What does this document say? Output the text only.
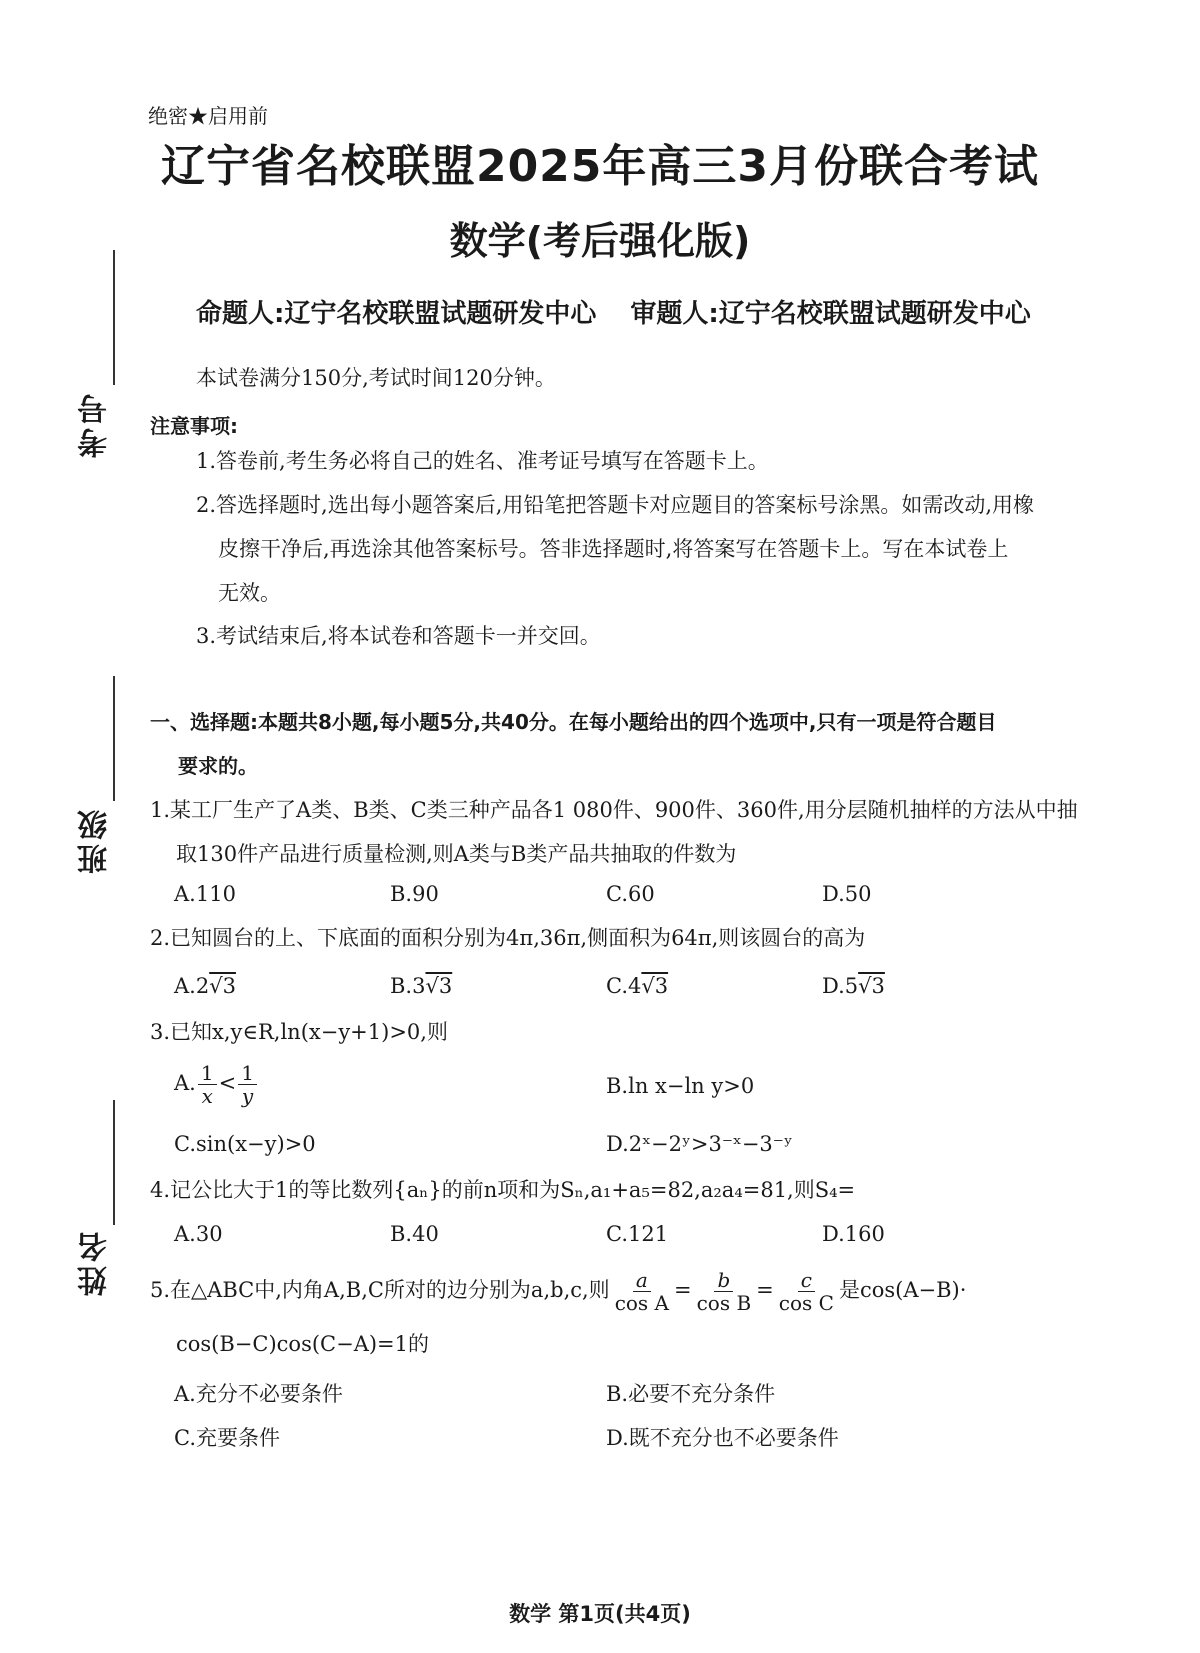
考号
班级
姓名
绝密★启用前
辽宁省名校联盟2025年高三3月份联合考试
数学(考后强化版)
命题人:辽宁名校联盟试题研发中心 审题人:辽宁名校联盟试题研发中心
本试卷满分150分,考试时间120分钟。
注意事项:
1.答卷前,考生务必将自己的姓名、准考证号填写在答题卡上。
2.答选择题时,选出每小题答案后,用铅笔把答题卡对应题目的答案标号涂黑。如需改动,用橡
皮擦干净后,再选涂其他答案标号。答非选择题时,将答案写在答题卡上。写在本试卷上
无效。
3.考试结束后,将本试卷和答题卡一并交回。
一、选择题:本题共8小题,每小题5分,共40分。在每小题给出的四个选项中,只有一项是符合题目
要求的。
1.某工厂生产了A类、B类、C类三种产品各1 080件、900件、360件,用分层随机抽样的方法从中抽
取130件产品进行质量检测,则A类与B类产品共抽取的件数为
A.110	B.90	C.60	D.50
2.已知圆台的上、下底面的面积分别为4π,36π,侧面积为64π,则该圆台的高为
A.2√3	B.3√3	C.4√3	D.5√3
3.已知x,y∈R,ln(x−y+1)>0,则
A. $\frac{1}{x} < \frac{1}{y}$	B.ln x−ln y>0
C.sin(x−y)>0	D.2ˣ−2ʸ>3⁻ˣ−3⁻ʸ
4.记公比大于1的等比数列{aₙ}的前n项和为Sₙ,a₁+a₅=82,a₂a₄=81,则S₄=
A.30	B.40	C.121	D.160
5.在△ABC中,内角A,B,C所对的边分别为a,b,c,则 $\frac{a}{\text{cos A}} = \frac{b}{\text{cos B}} = \frac{c}{\text{cos C}}$ 是cos(A−B)·
cos(B−C)cos(C−A)=1的
A.充分不必要条件	B.必要不充分条件
C.充要条件	D.既不充分也不必要条件
数学 第1页(共4页)
